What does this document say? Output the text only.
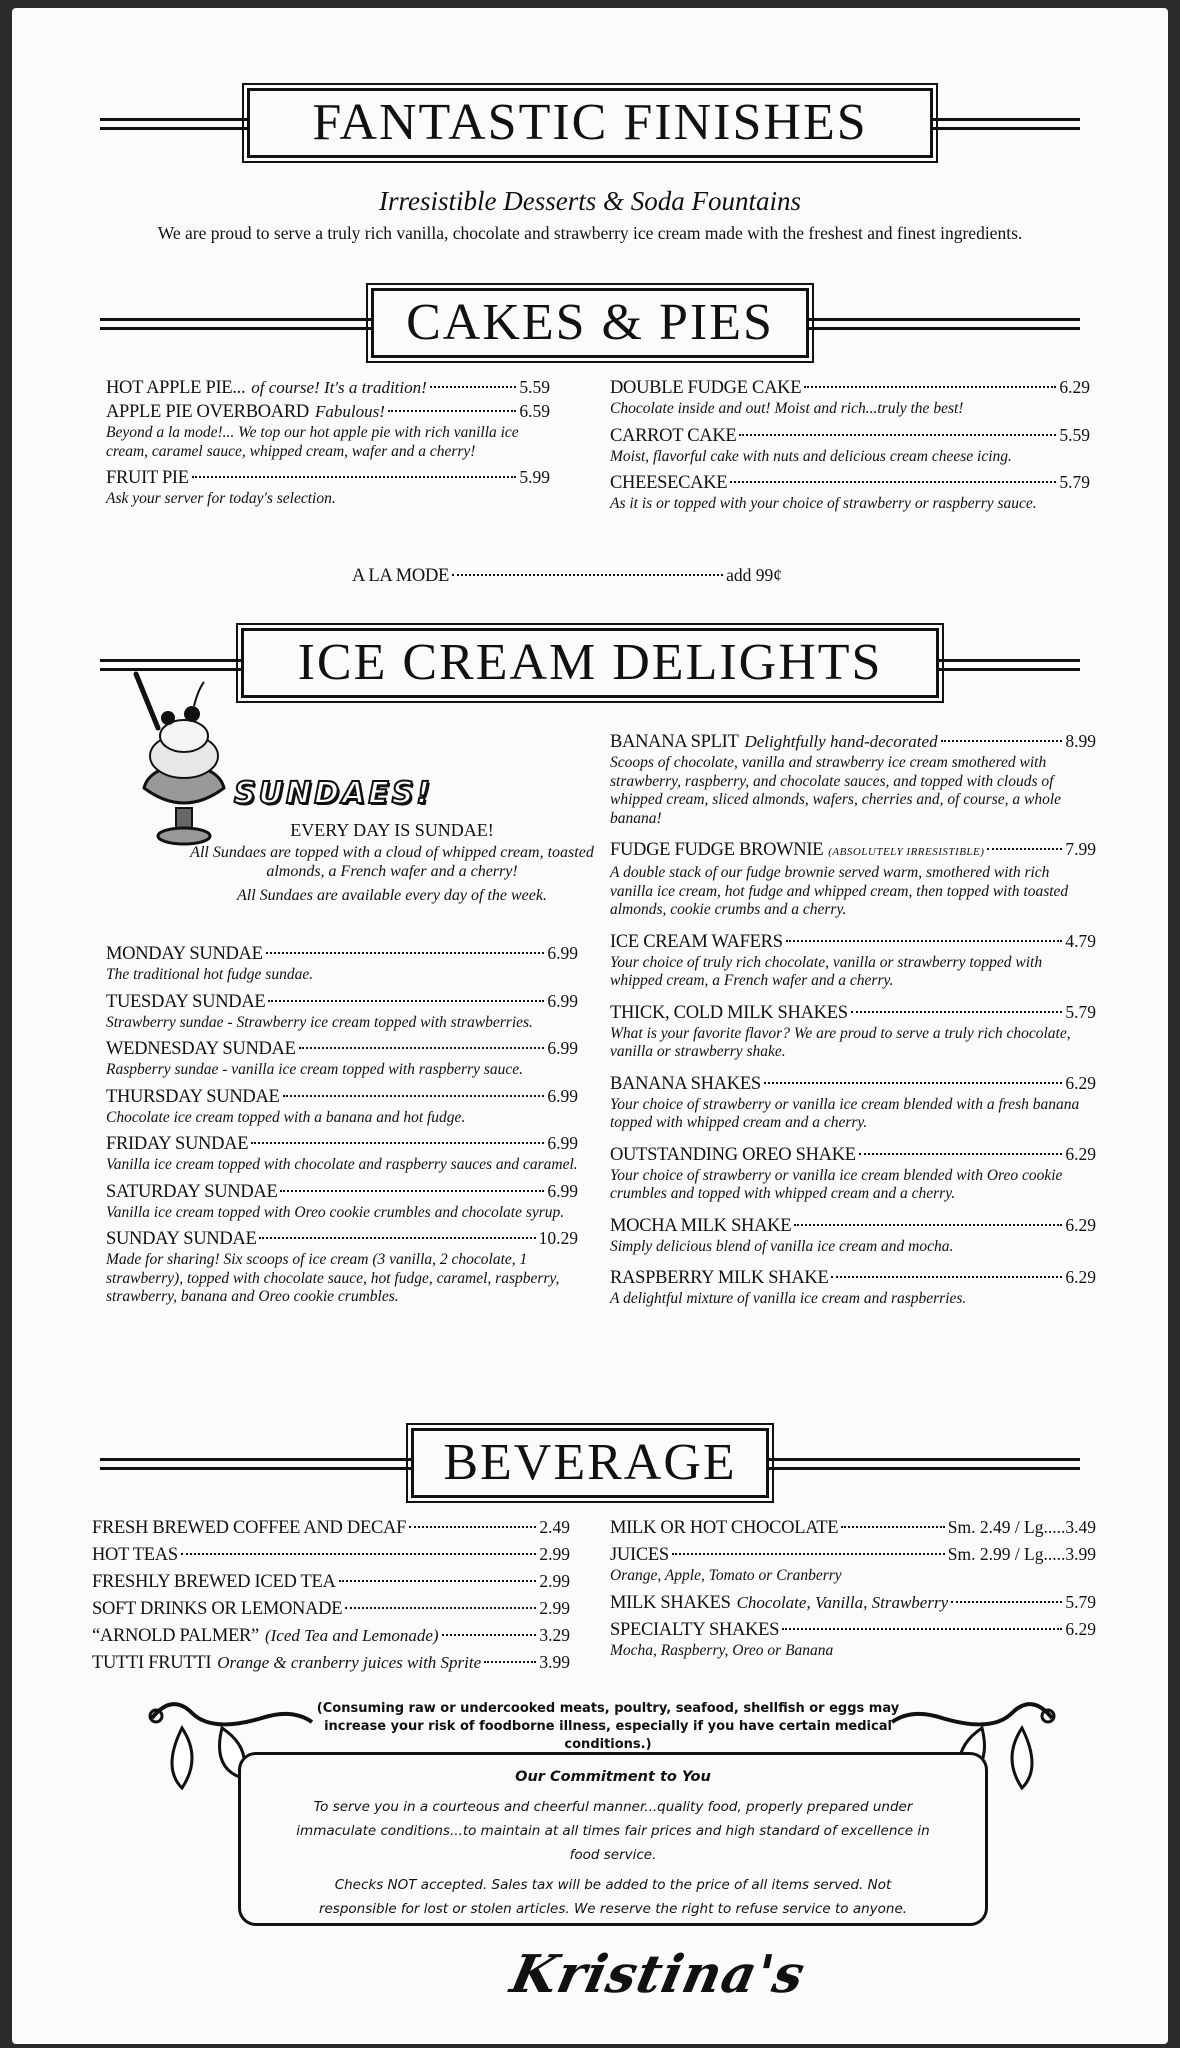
FANTASTIC FINISHES
Irresistible Desserts & Soda Fountains
We are proud to serve a truly rich vanilla, chocolate and strawberry ice cream made with the freshest and finest ingredients.
CAKES & PIES
HOT APPLE PIE... of course! It's a tradition!	5.59
APPLE PIE OVERBOARD Fabulous!	6.59
Beyond a la mode!... We top our hot apple pie with rich vanilla ice cream, caramel sauce, whipped cream, wafer and a cherry!
FRUIT PIE	5.99
Ask your server for today's selection.
DOUBLE FUDGE CAKE	6.29
Chocolate inside and out! Moist and rich...truly the best!
CARROT CAKE	5.59
Moist, flavorful cake with nuts and delicious cream cheese icing.
CHEESECAKE	5.79
As it is or topped with your choice of strawberry or raspberry sauce.
A LA MODE	add 99¢
ICE CREAM DELIGHTS
SUNDAES!
EVERY DAY IS SUNDAE!
All Sundaes are topped with a cloud of whipped cream, toasted almonds, a French wafer and a cherry!
All Sundaes are available every day of the week.
MONDAY SUNDAE	6.99
The traditional hot fudge sundae.
TUESDAY SUNDAE	6.99
Strawberry sundae - Strawberry ice cream topped with strawberries.
WEDNESDAY SUNDAE	6.99
Raspberry sundae - vanilla ice cream topped with raspberry sauce.
THURSDAY SUNDAE	6.99
Chocolate ice cream topped with a banana and hot fudge.
FRIDAY SUNDAE	6.99
Vanilla ice cream topped with chocolate and raspberry sauces and caramel.
SATURDAY SUNDAE	6.99
Vanilla ice cream topped with Oreo cookie crumbles and chocolate syrup.
SUNDAY SUNDAE	10.29
Made for sharing! Six scoops of ice cream (3 vanilla, 2 chocolate, 1 strawberry), topped with chocolate sauce, hot fudge, caramel, raspberry, strawberry, banana and Oreo cookie crumbles.
BANANA SPLIT Delightfully hand-decorated	8.99
Scoops of chocolate, vanilla and strawberry ice cream smothered with strawberry, raspberry, and chocolate sauces, and topped with clouds of whipped cream, sliced almonds, wafers, cherries and, of course, a whole banana!
FUDGE FUDGE BROWNIE (ABSOLUTELY IRRESISTIBLE)	7.99
A double stack of our fudge brownie served warm, smothered with rich vanilla ice cream, hot fudge and whipped cream, then topped with toasted almonds, cookie crumbs and a cherry.
ICE CREAM WAFERS	4.79
Your choice of truly rich chocolate, vanilla or strawberry topped with whipped cream, a French wafer and a cherry.
THICK, COLD MILK SHAKES	5.79
What is your favorite flavor? We are proud to serve a truly rich chocolate, vanilla or strawberry shake.
BANANA SHAKES	6.29
Your choice of strawberry or vanilla ice cream blended with a fresh banana topped with whipped cream and a cherry.
OUTSTANDING OREO SHAKE	6.29
Your choice of strawberry or vanilla ice cream blended with Oreo cookie crumbles and topped with whipped cream and a cherry.
MOCHA MILK SHAKE	6.29
Simply delicious blend of vanilla ice cream and mocha.
RASPBERRY MILK SHAKE	6.29
A delightful mixture of vanilla ice cream and raspberries.
BEVERAGE
FRESH BREWED COFFEE AND DECAF	2.49
HOT TEAS	2.99
FRESHLY BREWED ICED TEA	2.99
SOFT DRINKS OR LEMONADE	2.99
“ARNOLD PALMER” (Iced Tea and Lemonade)	3.29
TUTTI FRUTTI Orange & cranberry juices with Sprite	3.99
MILK OR HOT CHOCOLATE	Sm. 2.49 / Lg.....3.49
JUICES	Sm. 2.99 / Lg.....3.99
Orange, Apple, Tomato or Cranberry
MILK SHAKES Chocolate, Vanilla, Strawberry	5.79
SPECIALTY SHAKES	6.29
Mocha, Raspberry, Oreo or Banana
(Consuming raw or undercooked meats, poultry, seafood, shellfish or eggs may increase your risk of foodborne illness, especially if you have certain medical conditions.)
Our Commitment to You
To serve you in a courteous and cheerful manner...quality food, properly prepared under immaculate conditions...to maintain at all times fair prices and high standard of excellence in food service.
Checks NOT accepted. Sales tax will be added to the price of all items served. Not responsible for lost or stolen articles. We reserve the right to refuse service to anyone.
Kristina's
